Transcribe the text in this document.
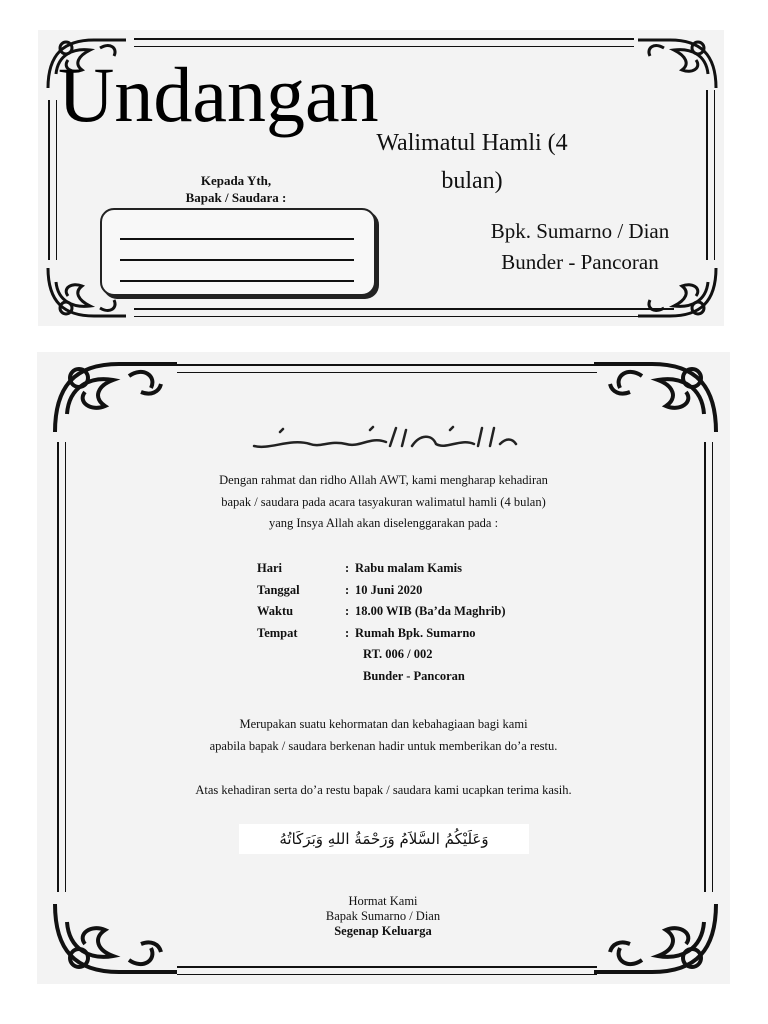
Undangan
Walimatul Hamli (4
bulan)
Kepada Yth,
Bapak / Saudara :
Bpk. Sumarno / Dian
Bunder - Pancoran
Dengan rahmat dan ridho Allah AWT, kami mengharap kehadiran
bapak / saudara pada acara tasyakuran walimatul hamli (4 bulan)
yang Insya Allah akan diselenggarakan pada :
Hari	: Rabu malam Kamis
Tanggal	: 10 Juni 2020
Waktu	: 18.00 WIB (Ba’da Maghrib)
Tempat	: Rumah Bpk. Sumarno
RT. 006 / 002
Bunder - Pancoran
Merupakan suatu kehormatan dan kebahagiaan bagi kami
apabila bapak / saudara berkenan hadir untuk memberikan do’a restu.
Atas kehadiran serta do’a restu bapak / saudara kami ucapkan terima kasih.
وَعَلَيْكُمُ السَّلاَمُ وَرَحْمَةُ اللهِ وَبَرَكَاتُهُ
Hormat Kami
Bapak Sumarno / Dian
Segenap Keluarga
